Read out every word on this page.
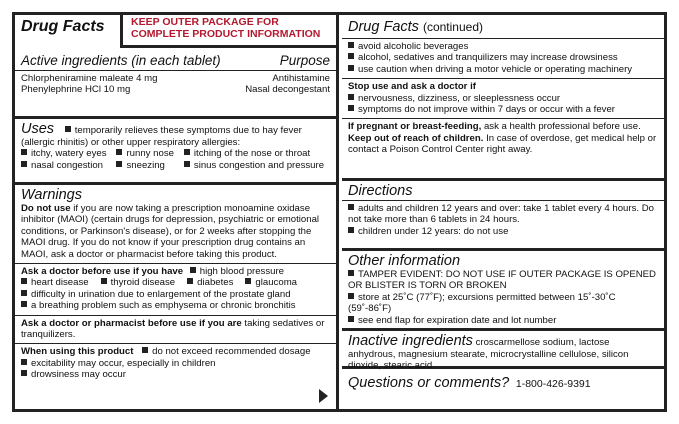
Drug Facts	KEEP OUTER PACKAGE FOR COMPLETE PRODUCT INFORMATION
Active ingredients (in each tablet)	Purpose
Chlorpheniramine maleate 4 mg	Antihistamine
Phenylephrine HCl 10 mg	Nasal decongestant
Uses temporarily relieves these symptoms due to hay fever (allergic rhinitis) or other upper respiratory allergies:
itchy, watery eyes	runny nose	itching of the nose or throat
nasal congestion	sneezing	sinus congestion and pressure
Warnings
Do not use if you are now taking a prescription monoamine oxidase inhibitor (MAOI) (certain drugs for depression, psychiatric or emotional conditions, or Parkinson's disease), or for 2 weeks after stopping the MAOI drug. If you do not know if your prescription drug contains an MAOI, ask a doctor or pharmacist before taking this product.
Ask a doctor before use if you have high blood pressure
heart disease	thyroid disease	diabetes	glaucoma
difficulty in urination due to enlargement of the prostate gland
a breathing problem such as emphysema or chronic bronchitis
Ask a doctor or pharmacist before use if you are taking sedatives or tranquilizers.
When using this product do not exceed recommended dosage
excitability may occur, especially in children
drowsiness may occur
Drug Facts (continued)
avoid alcoholic beverages
alcohol, sedatives and tranquilizers may increase drowsiness
use caution when driving a motor vehicle or operating machinery
Stop use and ask a doctor if
nervousness, dizziness, or sleeplessness occur
symptoms do not improve within 7 days or occur with a fever
If pregnant or breast-feeding, ask a health professional before use.
Keep out of reach of children. In case of overdose, get medical help or contact a Poison Control Center right away.
Directions
adults and children 12 years and over: take 1 tablet every 4 hours. Do not take more than 6 tablets in 24 hours.
children under 12 years: do not use
Other information
TAMPER EVIDENT: DO NOT USE IF OUTER PACKAGE IS OPENED OR BLISTER IS TORN OR BROKEN
store at 25˚C (77˚F); excursions permitted between 15˚-30˚C (59˚-86˚F)
see end flap for expiration date and lot number
Inactive ingredients croscarmellose sodium, lactose anhydrous, magnesium stearate, microcrystalline cellulose, silicon dioxide, stearic acid
Questions or comments? 1-800-426-9391
